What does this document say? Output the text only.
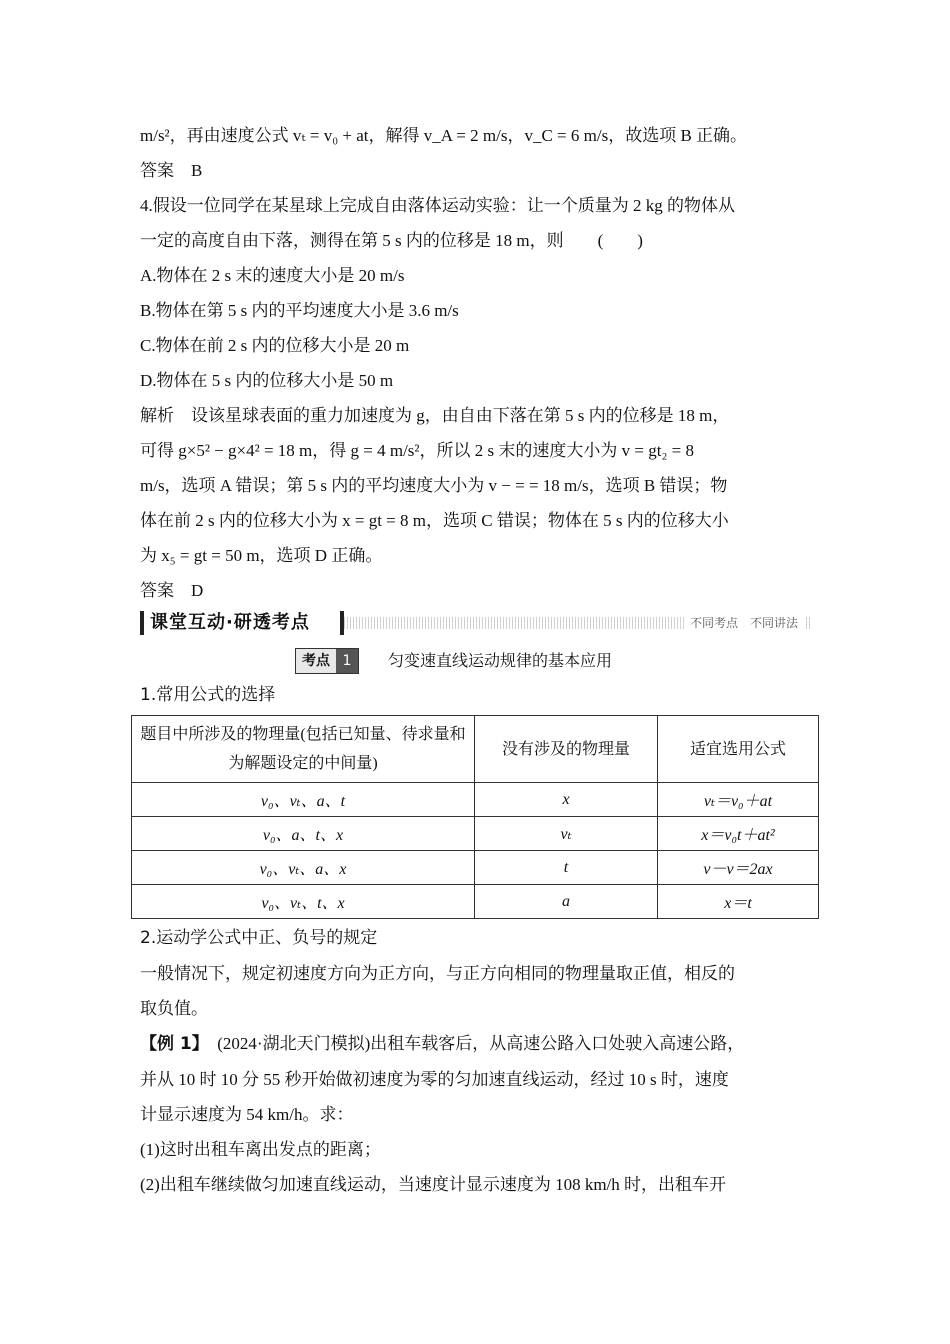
m/s²，再由速度公式 vₜ = v₀ + at，解得 v_A = 2 m/s，v_C = 6 m/s，故选项 B 正确。
答案　B
4.假设一位同学在某星球上完成自由落体运动实验：让一个质量为 2 kg 的物体从
一定的高度自由下落，测得在第 5 s 内的位移是 18 m，则　　(　　)
A.物体在 2 s 末的速度大小是 20 m/s
B.物体在第 5 s 内的平均速度大小是 3.6 m/s
C.物体在前 2 s 内的位移大小是 20 m
D.物体在 5 s 内的位移大小是 50 m
解析　设该星球表面的重力加速度为 g，由自由下落在第 5 s 内的位移是 18 m，
可得 g×5² − g×4² = 18 m，得 g = 4 m/s²，所以 2 s 末的速度大小为 v = gt₂ = 8
m/s，选项 A 错误；第 5 s 内的平均速度大小为 v − = = 18 m/s，选项 B 错误；物
体在前 2 s 内的位移大小为 x = gt = 8 m，选项 C 错误；物体在 5 s 内的位移大小
为 x₅ = gt = 50 m，选项 D 正确。
答案　D
课堂互动·研透考点	不同考点　不同讲法
考点 1	匀变速直线运动规律的基本应用
1.常用公式的选择
题目中所涉及的物理量(包括已知量、待求量和为解题设定的中间量)	没有涉及的物理量	适宜选用公式
v₀、vₜ、a、t	x	vₜ＝v₀＋at
v₀、a、t、x	vₜ	x＝v₀t＋at²
v₀、vₜ、a、x	t	v－v＝2ax
v₀、vₜ、t、x	a	x＝t
2.运动学公式中正、负号的规定
一般情况下，规定初速度方向为正方向，与正方向相同的物理量取正值，相反的
取负值。
【例 1】　(2024·湖北天门模拟)出租车载客后，从高速公路入口处驶入高速公路，
并从 10 时 10 分 55 秒开始做初速度为零的匀加速直线运动，经过 10 s 时，速度
计显示速度为 54 km/h。求：
(1)这时出租车离出发点的距离；
(2)出租车继续做匀加速直线运动，当速度计显示速度为 108 km/h 时，出租车开
